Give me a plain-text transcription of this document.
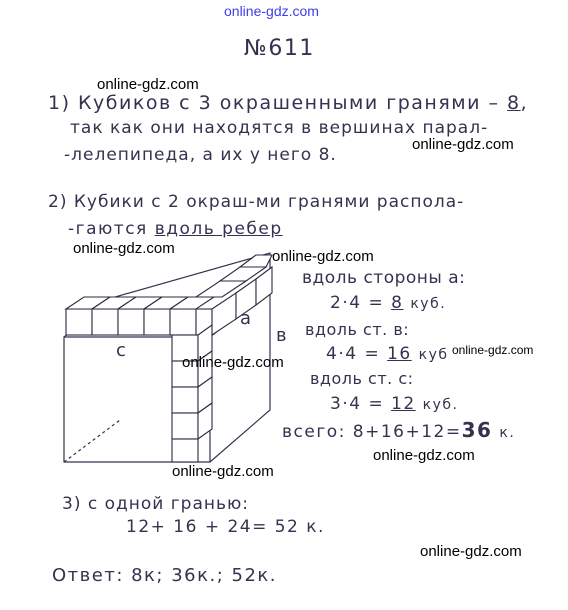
online-gdz.com
№611
online-gdz.com
1) Кубиков с 3 окрашенными гранями – 8,
так как они находятся в вершинах парал-
-лелепипеда, а их у него 8.
online-gdz.com
2) Кубики с 2 окраш-ми гранями распола-
-гаются вдоль ребер
online-gdz.com	online-gdz.com
с
a
в
вдоль стороны а:
2·4 = 8 куб.
вдоль ст. в:
4·4 = 16 куб online-gdz.com
online-gdz.com
вдоль ст. с:
3·4 = 12 куб.
всего: 8+16+12=36 к.
online-gdz.com
online-gdz.com
3) с одной гранью:
12+ 16 + 24= 52 к.
online-gdz.com
Ответ: 8к; 36к.; 52к.
